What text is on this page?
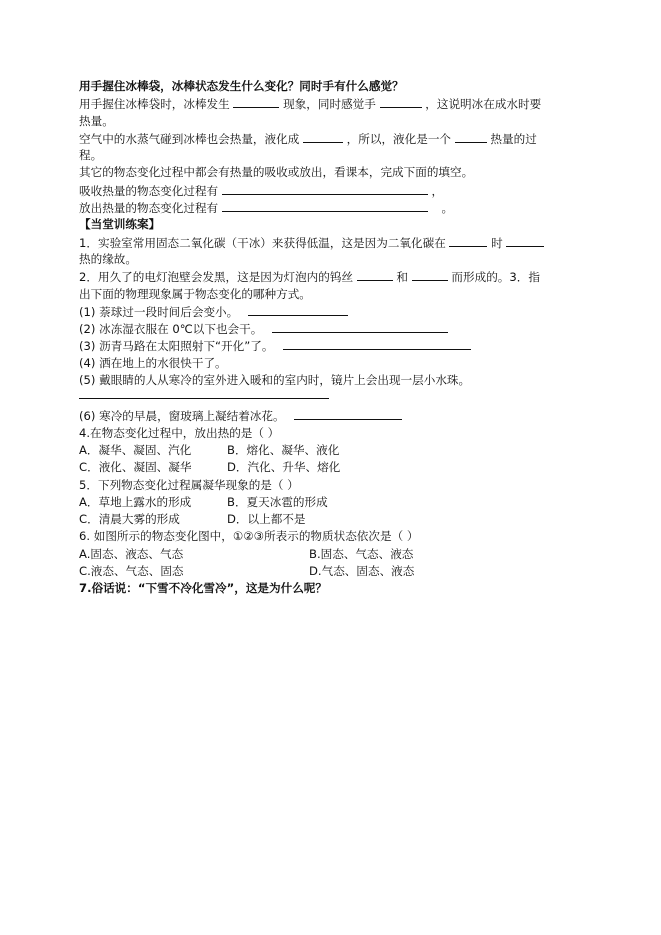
用手握住冰棒袋，冰棒状态发生什么变化？同时手有什么感觉？
用手握住冰棒袋时，冰棒发生	现象，同时感觉手	，这说明冰在成水时要
热量。
空气中的水蒸气碰到冰棒也会热量，液化成	，所以，液化是一个	热量的过
程。
其它的物态变化过程中都会有热量的吸收或放出，看课本，完成下面的填空。
吸收热量的物态变化过程有	，
放出热量的物态变化过程有	。
【当堂训练案】
1．实验室常用固态二氧化碳（干冰）来获得低温，这是因为二氧化碳在	时
热的缘故。
2．用久了的电灯泡壁会发黑，这是因为灯泡内的钨丝	和	而形成的。3．指
出下面的物理现象属于物态变化的哪种方式。
(1) 萘球过一段时间后会变小。
(2) 冰冻湿衣服在 0℃以下也会干。
(3) 沥青马路在太阳照射下“开化”了。
(4) 洒在地上的水很快干了。
(5) 戴眼睛的人从寒冷的室外进入暖和的室内时，镜片上会出现一层小水珠。
(6) 寒冷的早晨，窗玻璃上凝结着冰花。
4.在物态变化过程中，放出热的是（ ）
A．凝华、凝固、汽化	B．熔化、凝华、液化
C．液化、凝固、凝华	D．汽化、升华、熔化
5．下列物态变化过程属凝华现象的是（ ）
A．草地上露水的形成	B．夏天冰雹的形成
C．清晨大雾的形成	D．以上都不是
6. 如图所示的物态变化图中，①②③所表示的物质状态依次是（ ）
A.固态、液态、气态	B.固态、气态、液态
C.液态、气态、固态	D.气态、固态、液态
7.俗话说：“下雪不冷化雪冷”，这是为什么呢？
